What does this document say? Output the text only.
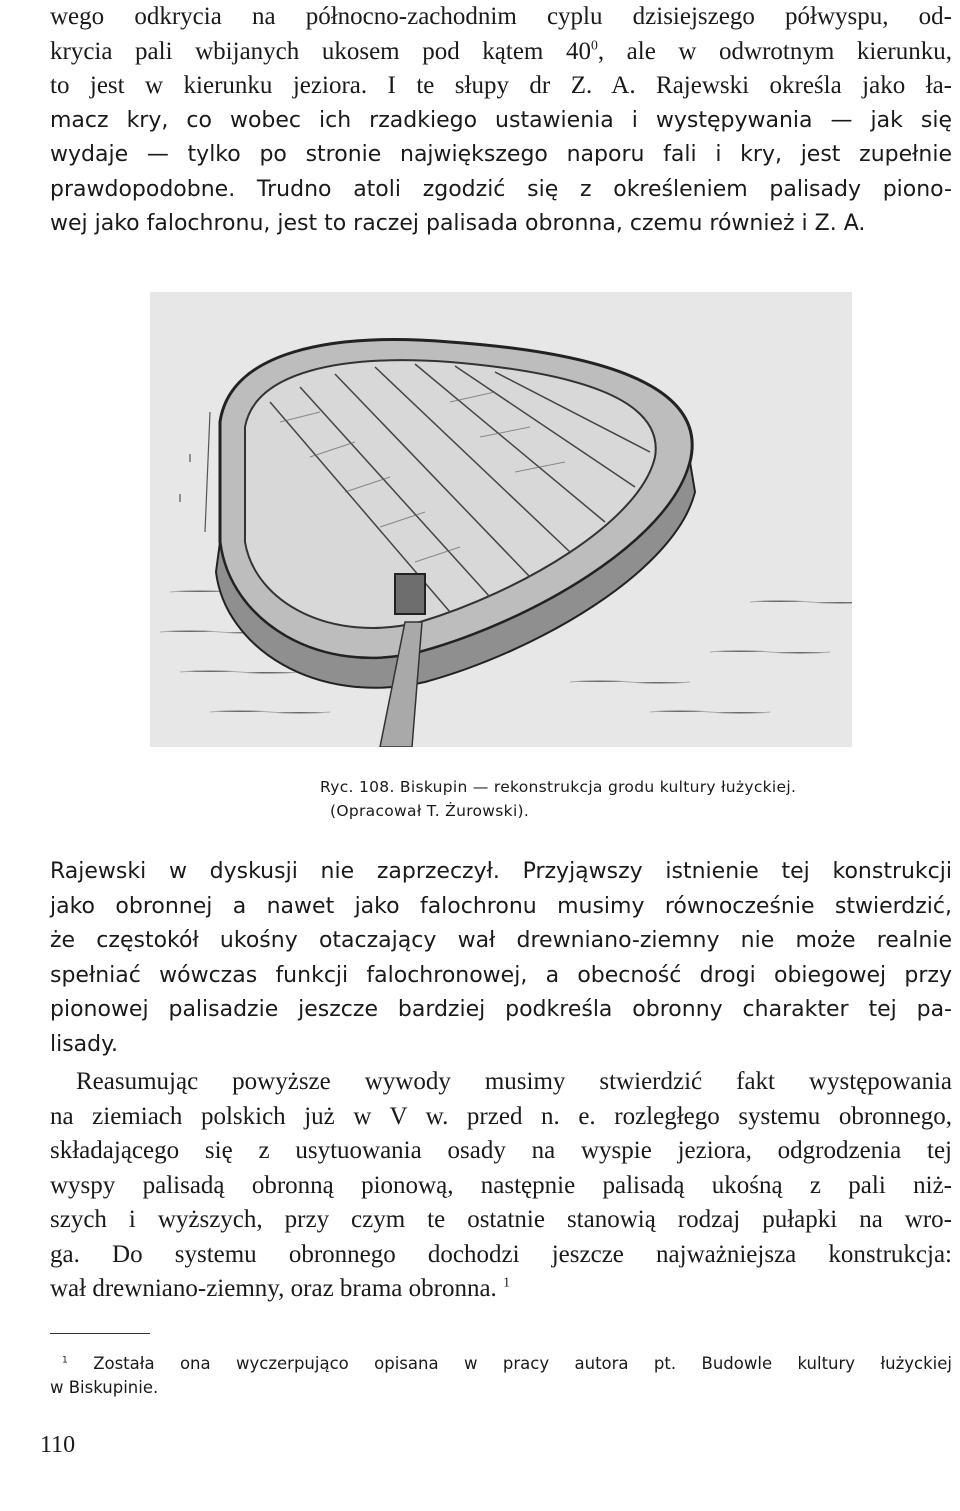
wego odkrycia na północno-zachodnim cyplu dzisiejszego półwyspu, od-
krycia pali wbijanych ukosem pod kątem $40^0$, ale w odwrotnym kierunku,
to jest w kierunku jeziora. I te słupy dr Z. A. Rajewski określa jako ła-
macz kry, co wobec ich rzadkiego ustawienia i występywania — jak się
wydaje — tylko po stronie największego naporu fali i kry, jest zupełnie
prawdopodobne. Trudno atoli zgodzić się z określeniem palisady piono-
wej jako falochronu, jest to raczej palisada obronna, czemu również i Z. A.
Ryc. 108. Biskupin — rekonstrukcja grodu kultury łużyckiej.
(Opracował T. Żurowski).
Rajewski w dyskusji nie zaprzeczył. Przyjąwszy istnienie tej konstrukcji
jako obronnej a nawet jako falochronu musimy równocześnie stwierdzić,
że częstokół ukośny otaczający wał drewniano-ziemny nie może realnie
spełniać wówczas funkcji falochronowej, a obecność drogi obiegowej przy
pionowej palisadzie jeszcze bardziej podkreśla obronny charakter tej pa-
lisady.
Reasumując powyższe wywody musimy stwierdzić fakt występowania
na ziemiach polskich już w V w. przed n. e. rozległego systemu obronnego,
składającego się z usytuowania osady na wyspie jeziora, odgrodzenia tej
wyspy palisadą obronną pionową, następnie palisadą ukośną z pali niż-
szych i wyższych, przy czym te ostatnie stanowią rodzaj pułapki na wro-
ga. Do systemu obronnego dochodzi jeszcze najważniejsza konstrukcja:
wał drewniano-ziemny, oraz brama obronna. $^1$
$^1$ Została ona wyczerpująco opisana w pracy autora pt. Budowle kultury łużyckiej
w Biskupinie.
110
